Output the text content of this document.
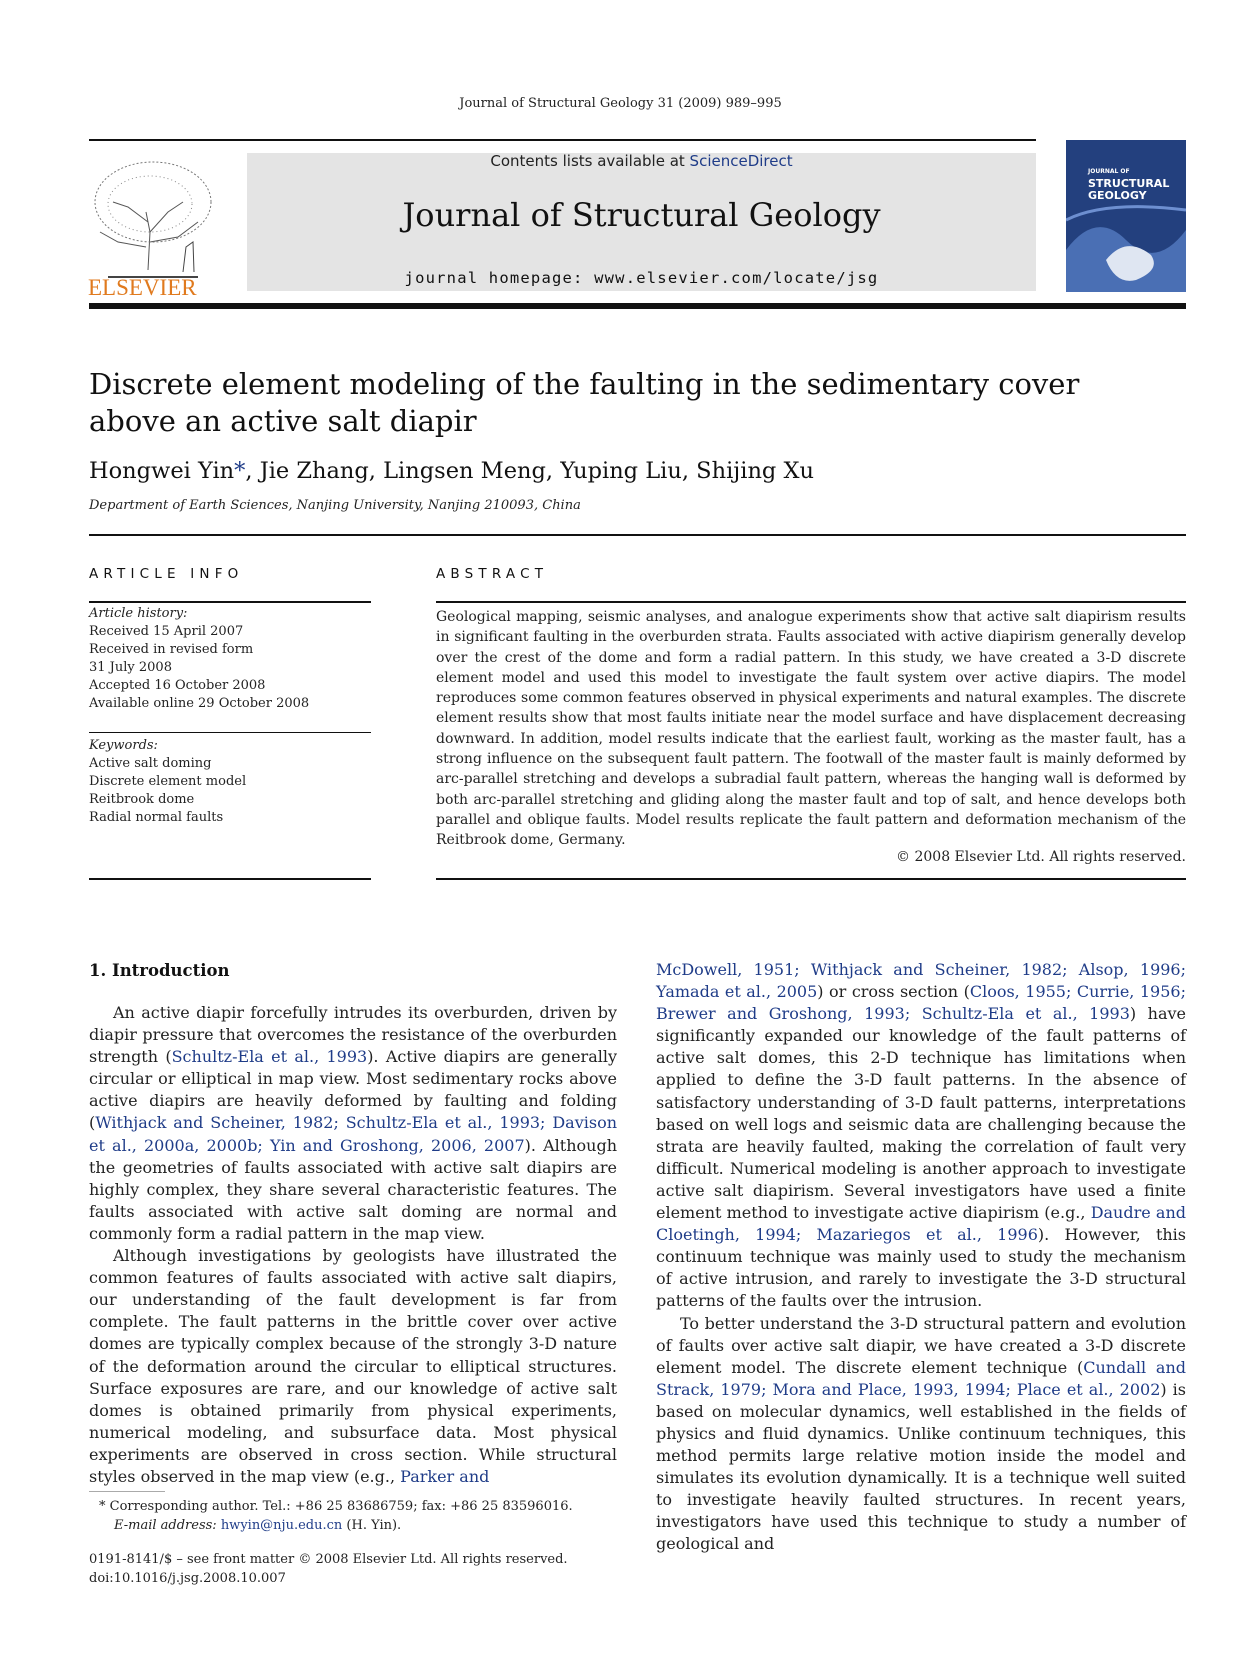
Journal of Structural Geology 31 (2009) 989–995
ELSEVIER
Contents lists available at ScienceDirect
Journal of Structural Geology
journal homepage: www.elsevier.com/locate/jsg
JOURNAL OF
STRUCTURAL
GEOLOGY
Discrete element modeling of the faulting in the sedimentary cover
above an active salt diapir
Hongwei Yin*, Jie Zhang, Lingsen Meng, Yuping Liu, Shijing Xu
Department of Earth Sciences, Nanjing University, Nanjing 210093, China
ARTICLE INFO
Article history:
Received 15 April 2007
Received in revised form
31 July 2008
Accepted 16 October 2008
Available online 29 October 2008
Keywords:
Active salt doming
Discrete element model
Reitbrook dome
Radial normal faults
ABSTRACT
Geological mapping, seismic analyses, and analogue experiments show that active salt diapirism results in significant faulting in the overburden strata. Faults associated with active diapirism generally develop over the crest of the dome and form a radial pattern. In this study, we have created a 3-D discrete element model and used this model to investigate the fault system over active diapirs. The model reproduces some common features observed in physical experiments and natural examples. The discrete element results show that most faults initiate near the model surface and have displacement decreasing downward. In addition, model results indicate that the earliest fault, working as the master fault, has a strong influence on the subsequent fault pattern. The footwall of the master fault is mainly deformed by arc-parallel stretching and develops a subradial fault pattern, whereas the hanging wall is deformed by both arc-parallel stretching and gliding along the master fault and top of salt, and hence develops both parallel and oblique faults. Model results replicate the fault pattern and deformation mechanism of the Reitbrook dome, Germany.
© 2008 Elsevier Ltd. All rights reserved.
1. Introduction

An active diapir forcefully intrudes its overburden, driven by diapir pressure that overcomes the resistance of the overburden strength (Schultz-Ela et al., 1993). Active diapirs are generally circular or elliptical in map view. Most sedimentary rocks above active diapirs are heavily deformed by faulting and folding (Withjack and Scheiner, 1982; Schultz-Ela et al., 1993; Davison et al., 2000a, 2000b; Yin and Groshong, 2006, 2007). Although the geometries of faults associated with active salt diapirs are highly complex, they share several characteristic features. The faults associated with active salt doming are normal and commonly form a radial pattern in the map view.

Although investigations by geologists have illustrated the common features of faults associated with active salt diapirs, our understanding of the fault development is far from complete. The fault patterns in the brittle cover over active domes are typically complex because of the strongly 3-D nature of the deformation around the circular to elliptical structures. Surface exposures are rare, and our knowledge of active salt domes is obtained primarily from physical experiments, numerical modeling, and subsurface data. Most physical experiments are observed in cross section. While structural styles observed in the map view (e.g., Parker and

McDowell, 1951; Withjack and Scheiner, 1982; Alsop, 1996; Yamada et al., 2005) or cross section (Cloos, 1955; Currie, 1956; Brewer and Groshong, 1993; Schultz-Ela et al., 1993) have significantly expanded our knowledge of the fault patterns of active salt domes, this 2-D technique has limitations when applied to define the 3-D fault patterns. In the absence of satisfactory understanding of 3-D fault patterns, interpretations based on well logs and seismic data are challenging because the strata are heavily faulted, making the correlation of fault very difficult. Numerical modeling is another approach to investigate active salt diapirism. Several investigators have used a finite element method to investigate active diapirism (e.g., Daudre and Cloetingh, 1994; Mazariegos et al., 1996). However, this continuum technique was mainly used to study the mechanism of active intrusion, and rarely to investigate the 3-D structural patterns of the faults over the intrusion.

To better understand the 3-D structural pattern and evolution of faults over active salt diapir, we have created a 3-D discrete element model. The discrete element technique (Cundall and Strack, 1979; Mora and Place, 1993, 1994; Place et al., 2002) is based on molecular dynamics, well established in the fields of physics and fluid dynamics. Unlike continuum techniques, this method permits large relative motion inside the model and simulates its evolution dynamically. It is a technique well suited to investigate heavily faulted structures. In recent years, investigators have used this technique to study a number of geological and

* Corresponding author. Tel.: +86 25 83686759; fax: +86 25 83596016.
E-mail address: hwyin@nju.edu.cn (H. Yin).
0191-8141/$ – see front matter © 2008 Elsevier Ltd. All rights reserved.
doi:10.1016/j.jsg.2008.10.007
